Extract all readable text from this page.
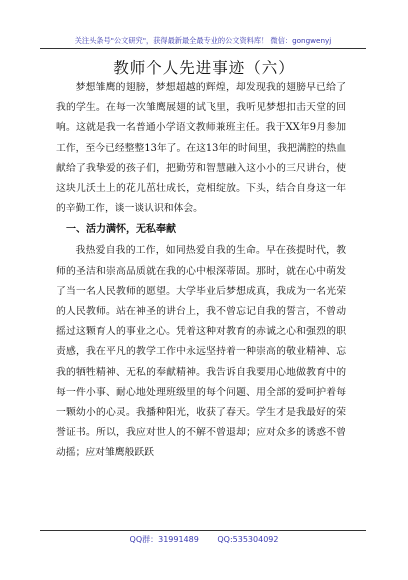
关注头条号"公文研究"，获得最新最全最专业的公文资料库！ 微信：gongwenyj
教师个人先进事迹（六）

梦想雏鹰的翅膀，梦想超越的辉煌，却发现我的翅膀早已给了我的学生。在每一次雏鹰展翅的试飞里，我听见梦想扣击天堂的回响。这就是我一名普通小学语文教师兼班主任。我于XX年9月参加工作，至今已经整整13年了。在这13年的时间里，我把满腔的热血献给了我挚爱的孩子们，把勤劳和智慧融入这小小的三尺讲台，使这块儿沃土上的花儿茁壮成长，竞相绽放。下头，结合自身这一年的辛勤工作，谈一谈认识和体会。

一、活力满怀，无私奉献

我热爱自我的工作，如同热爱自我的生命。早在孩提时代，教师的圣洁和崇高品质就在我的心中根深蒂固。那时，就在心中萌发了当一名人民教师的愿望。大学毕业后梦想成真，我成为一名光荣的人民教师。站在神圣的讲台上，我不曾忘记自我的誓言，不曾动摇过这颗育人的事业之心。凭着这种对教育的赤诚之心和强烈的职责感，我在平凡的教学工作中永远坚持着一种崇高的敬业精神、忘我的牺牲精神、无私的奉献精神。我告诉自我要用心地做教育中的每一件小事、耐心地处理班级里的每个问题、用全部的爱呵护着每一颗幼小的心灵。我播种阳光，收获了春天。学生才是我最好的荣誉证书。所以，我应对世人的不解不曾退却；应对众多的诱惑不曾动摇；应对雏鹰般跃跃

QQ群：31991489 QQ:535304092
